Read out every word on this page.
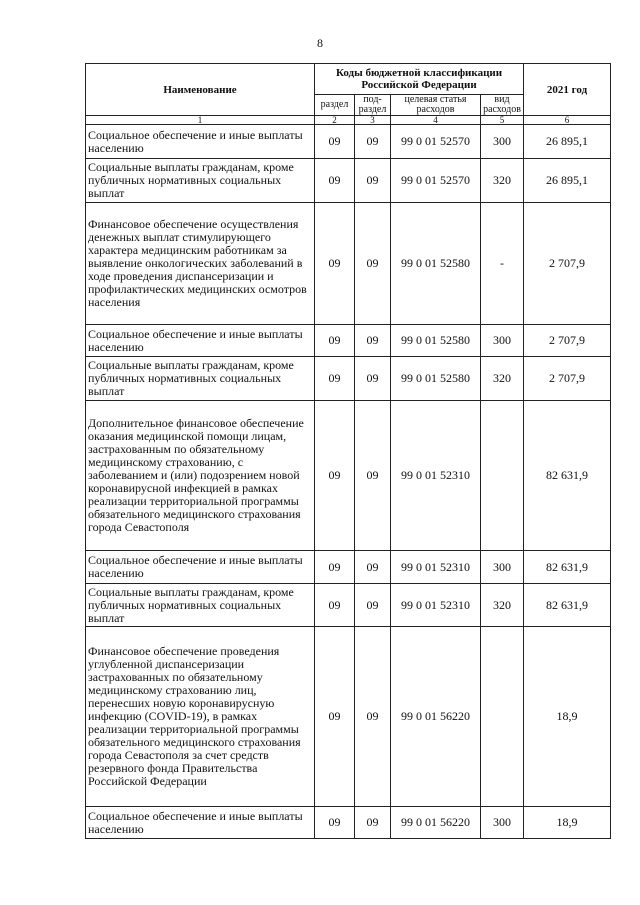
8
Наименование	Коды бюджетной классификации Российской Федерации				2021 год
	раздел	под-раздел	целевая статья расходов	вид расходов	
1	2	3	4	5	6
Социальное обеспечение и иные выплаты населению	09	09	99 0 01 52570	300	26 895,1
Социальные выплаты гражданам, кроме публичных нормативных социальных выплат	09	09	99 0 01 52570	320	26 895,1
Финансовое обеспечение осуществления денежных выплат стимулирующего характера медицинским работникам за выявление онкологических заболеваний в ходе проведения диспансеризации и профилактических медицинских осмотров населения	09	09	99 0 01 52580	-	2 707,9
Социальное обеспечение и иные выплаты населению	09	09	99 0 01 52580	300	2 707,9
Социальные выплаты гражданам, кроме публичных нормативных социальных выплат	09	09	99 0 01 52580	320	2 707,9
Дополнительное финансовое обеспечение оказания медицинской помощи лицам, застрахованным по обязательному медицинскому страхованию, с заболеванием и (или) подозрением новой коронавирусной инфекцией в рамках реализации территориальной программы обязательного медицинского страхования города Севастополя	09	09	99 0 01 52310		82 631,9
Социальное обеспечение и иные выплаты населению	09	09	99 0 01 52310	300	82 631,9
Социальные выплаты гражданам, кроме публичных нормативных социальных выплат	09	09	99 0 01 52310	320	82 631,9
Финансовое обеспечение проведения углубленной диспансеризации застрахованных по обязательному медицинскому страхованию лиц, перенесших новую коронавирусную инфекцию (COVID-19), в рамках реализации территориальной программы обязательного медицинского страхования города Севастополя за счет средств резервного фонда Правительства Российской Федерации	09	09	99 0 01 56220		18,9
Социальное обеспечение и иные выплаты населению	09	09	99 0 01 56220	300	18,9
